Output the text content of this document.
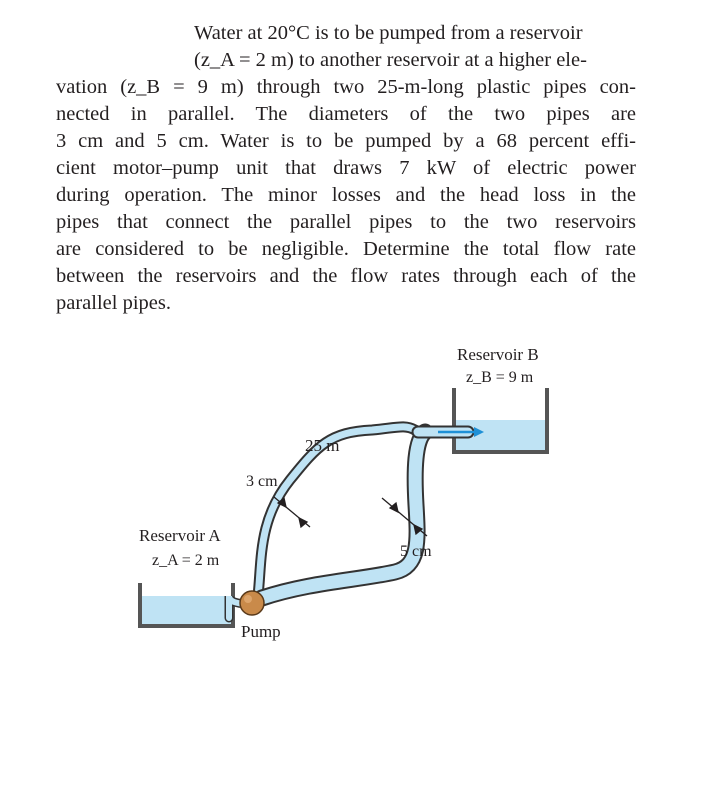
Water at 20°C is to be pumped from a reservoir
(z_A = 2 m) to another reservoir at a higher ele-
vation (z_B = 9 m) through two 25-m-long plastic pipes con-
nected in parallel. The diameters of the two pipes are
3 cm and 5 cm. Water is to be pumped by a 68 percent effi-
cient motor–pump unit that draws 7 kW of electric power
during operation. The minor losses and the head loss in the
pipes that connect the parallel pipes to the two reservoirs
are considered to be negligible. Determine the total flow rate
between the reservoirs and the flow rates through each of the
parallel pipes.
Reservoir B
z_B = 9 m
25 m
3 cm
5 cm
Reservoir A
z_A = 2 m
Pump
